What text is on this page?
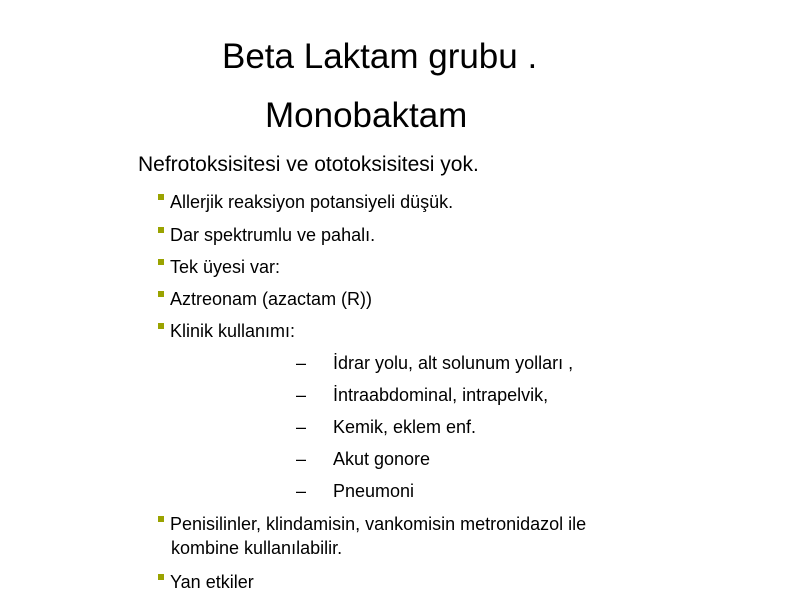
Beta Laktam grubu .
Monobaktam
Nefrotoksisitesi ve ototoksisitesi yok.
Allerjik reaksiyon potansiyeli düşük.
Dar spektrumlu ve pahalı.
Tek üyesi var:
Aztreonam (azactam (R))
Klinik kullanımı:
– İdrar yolu, alt solunum yolları ,
– İntraabdominal, intrapelvik,
– Kemik, eklem enf.
– Akut gonore
– Pneumoni
Penisilinler, klindamisin, vankomisin metronidazol ile
kombine kullanılabilir.
Yan etkiler
